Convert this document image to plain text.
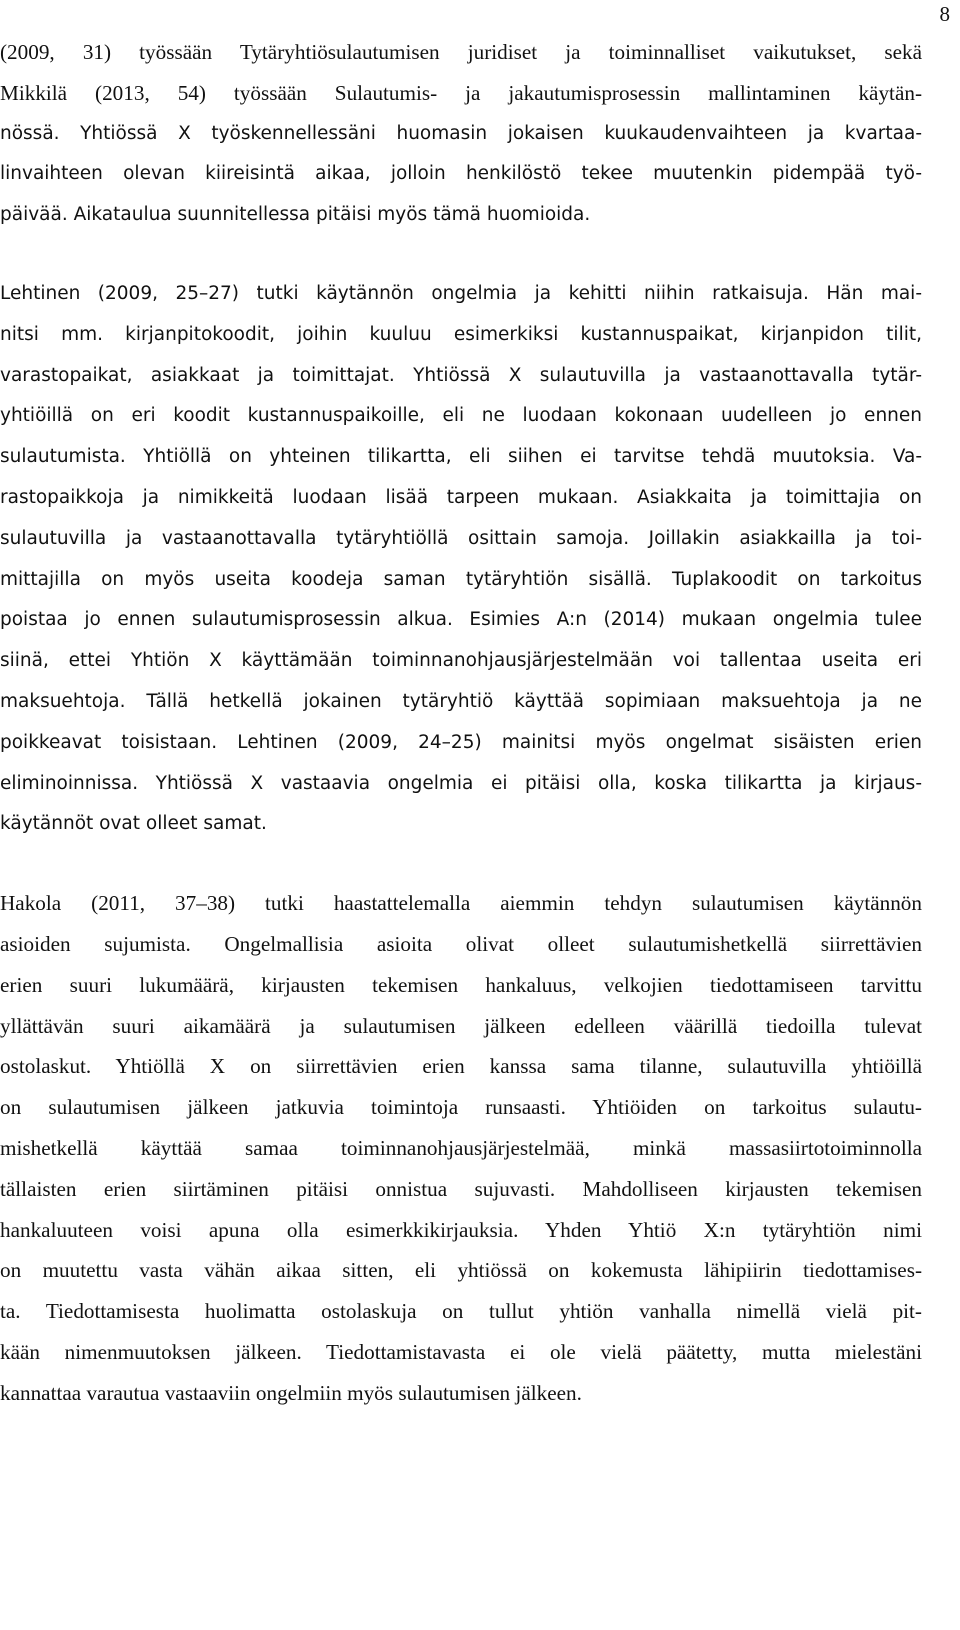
8

(2009, 31) työssään Tytäryhtiösulautumisen juridiset ja toiminnalliset vaikutukset, sekä
Mikkilä (2013, 54) työssään Sulautumis- ja jakautumisprosessin mallintaminen käytän-
nössä. Yhtiössä X työskennellessäni huomasin jokaisen kuukaudenvaihteen ja kvartaa-
linvaihteen olevan kiireisintä aikaa, jolloin henkilöstö tekee muutenkin pidempää työ-
päivää. Aikataulua suunnitellessa pitäisi myös tämä huomioida.

Lehtinen (2009, 25–27) tutki käytännön ongelmia ja kehitti niihin ratkaisuja. Hän mai-
nitsi mm. kirjanpitokoodit, joihin kuuluu esimerkiksi kustannuspaikat, kirjanpidon tilit,
varastopaikat, asiakkaat ja toimittajat. Yhtiössä X sulautuvilla ja vastaanottavalla tytär-
yhtiöillä on eri koodit kustannuspaikoille, eli ne luodaan kokonaan uudelleen jo ennen
sulautumista. Yhtiöllä on yhteinen tilikartta, eli siihen ei tarvitse tehdä muutoksia. Va-
rastopaikkoja ja nimikkeitä luodaan lisää tarpeen mukaan. Asiakkaita ja toimittajia on
sulautuvilla ja vastaanottavalla tytäryhtiöllä osittain samoja. Joillakin asiakkailla ja toi-
mittajilla on myös useita koodeja saman tytäryhtiön sisällä. Tuplakoodit on tarkoitus
poistaa jo ennen sulautumisprosessin alkua. Esimies A:n (2014) mukaan ongelmia tulee
siinä, ettei Yhtiön X käyttämään toiminnanohjausjärjestelmään voi tallentaa useita eri
maksuehtoja. Tällä hetkellä jokainen tytäryhtiö käyttää sopimiaan maksuehtoja ja ne
poikkeavat toisistaan. Lehtinen (2009, 24–25) mainitsi myös ongelmat sisäisten erien
eliminoinnissa. Yhtiössä X vastaavia ongelmia ei pitäisi olla, koska tilikartta ja kirjaus-
käytännöt ovat olleet samat.

Hakola (2011, 37–38) tutki haastattelemalla aiemmin tehdyn sulautumisen käytännön
asioiden sujumista. Ongelmallisia asioita olivat olleet sulautumishetkellä siirrettävien
erien suuri lukumäärä, kirjausten tekemisen hankaluus, velkojien tiedottamiseen tarvittu
yllättävän suuri aikamäärä ja sulautumisen jälkeen edelleen väärillä tiedoilla tulevat
ostolaskut. Yhtiöllä X on siirrettävien erien kanssa sama tilanne, sulautuvilla yhtiöillä
on sulautumisen jälkeen jatkuvia toimintoja runsaasti. Yhtiöiden on tarkoitus sulautu-
mishetkellä käyttää samaa toiminnanohjausjärjestelmää, minkä massasiirtotoiminnolla
tällaisten erien siirtäminen pitäisi onnistua sujuvasti. Mahdolliseen kirjausten tekemisen
hankaluuteen voisi apuna olla esimerkkikirjauksia. Yhden Yhtiö X:n tytäryhtiön nimi
on muutettu vasta vähän aikaa sitten, eli yhtiössä on kokemusta lähipiirin tiedottamises-
ta. Tiedottamisesta huolimatta ostolaskuja on tullut yhtiön vanhalla nimellä vielä pit-
kään nimenmuutoksen jälkeen. Tiedottamistavasta ei ole vielä päätetty, mutta mielestäni
kannattaa varautua vastaaviin ongelmiin myös sulautumisen jälkeen.
